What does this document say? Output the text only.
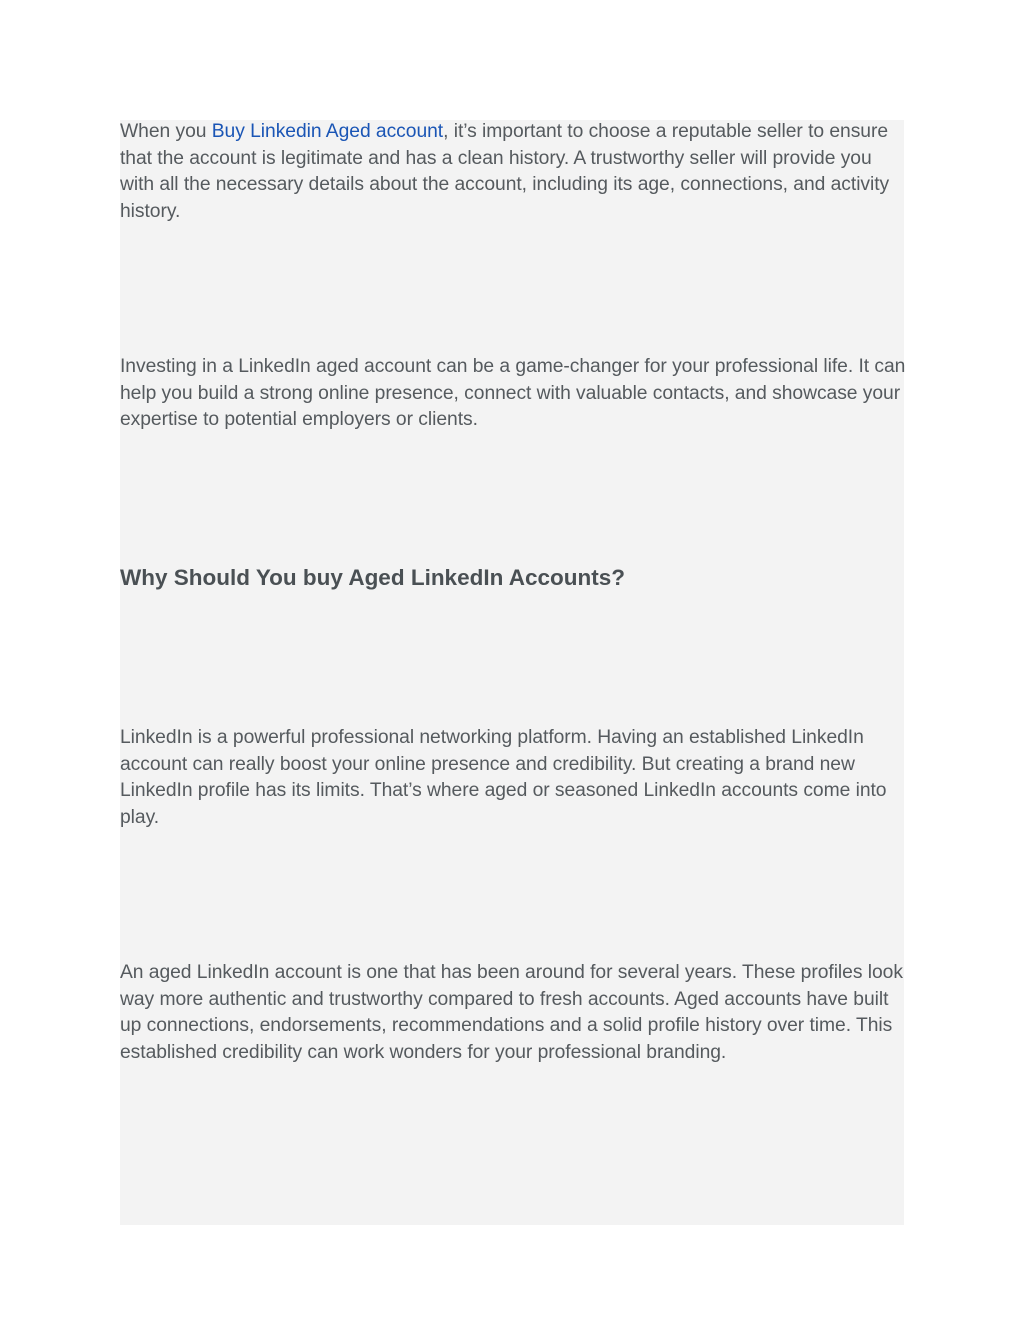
When you Buy Linkedin Aged account, it’s important to choose a reputable seller to ensure that the account is legitimate and has a clean history. A trustworthy seller will provide you with all the necessary details about the account, including its age, connections, and activity history.

Investing in a LinkedIn aged account can be a game-changer for your professional life. It can help you build a strong online presence, connect with valuable contacts, and showcase your expertise to potential employers or clients.

Why Should You buy Aged LinkedIn Accounts?

LinkedIn is a powerful professional networking platform. Having an established LinkedIn account can really boost your online presence and credibility. But creating a brand new LinkedIn profile has its limits. That’s where aged or seasoned LinkedIn accounts come into play.

An aged LinkedIn account is one that has been around for several years. These profiles look way more authentic and trustworthy compared to fresh accounts. Aged accounts have built up connections, endorsements, recommendations and a solid profile history over time. This established credibility can work wonders for your professional branding.
